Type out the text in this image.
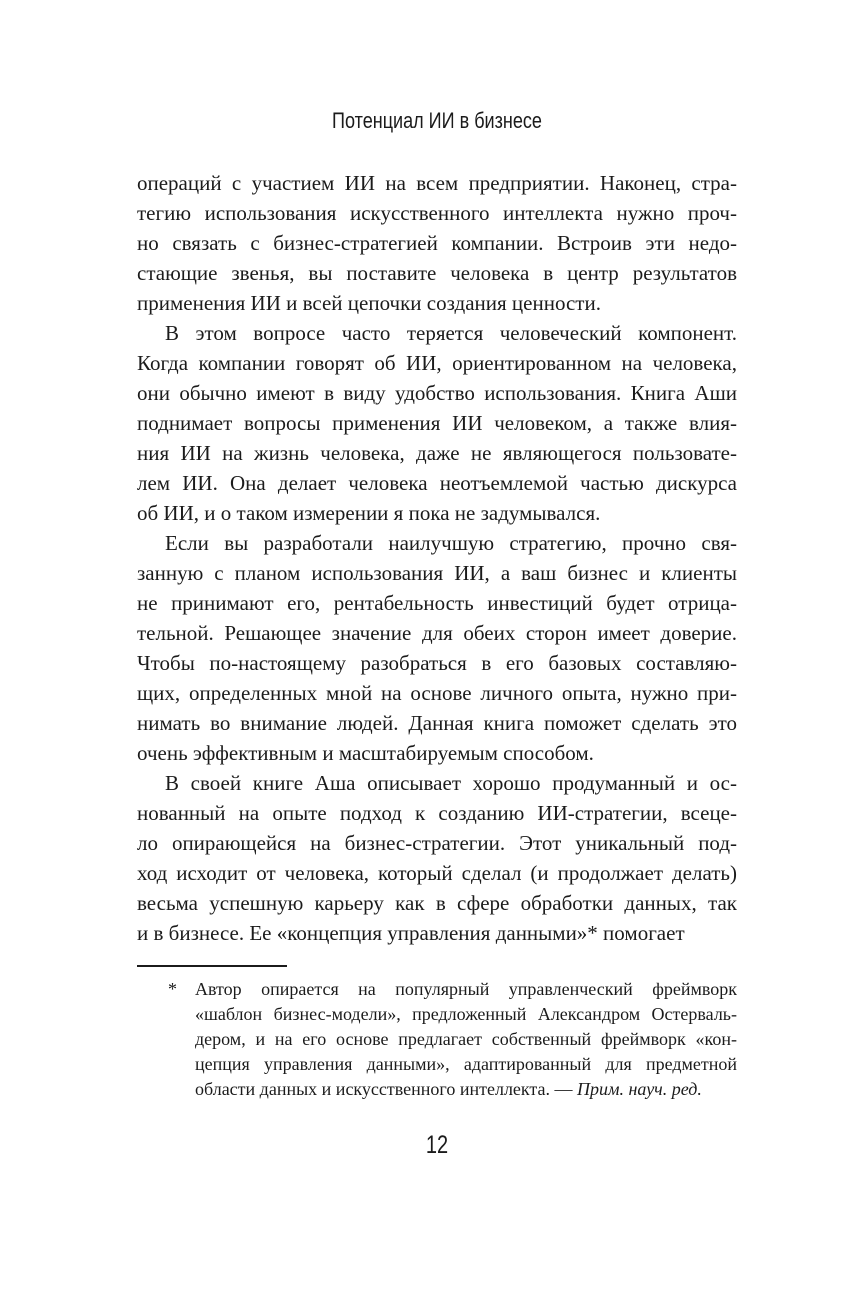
Потенциал ИИ в бизнесе
операций с участием ИИ на всем предприятии. Наконец, стра-
тегию использования искусственного интеллекта нужно проч-
но связать с бизнес-стратегией компании. Встроив эти недо-
стающие звенья, вы поставите человека в центр результатов
применения ИИ и всей цепочки создания ценности.
В этом вопросе часто теряется человеческий компонент.
Когда компании говорят об ИИ, ориентированном на человека,
они обычно имеют в виду удобство использования. Книга Аши
поднимает вопросы применения ИИ человеком, а также влия-
ния ИИ на жизнь человека, даже не являющегося пользовате-
лем ИИ. Она делает человека неотъемлемой частью дискурса
об ИИ, и о таком измерении я пока не задумывался.
Если вы разработали наилучшую стратегию, прочно свя-
занную с планом использования ИИ, а ваш бизнес и клиенты
не принимают его, рентабельность инвестиций будет отрица-
тельной. Решающее значение для обеих сторон имеет доверие.
Чтобы по-настоящему разобраться в его базовых составляю-
щих, определенных мной на основе личного опыта, нужно при-
нимать во внимание людей. Данная книга поможет сделать это
очень эффективным и масштабируемым способом.
В своей книге Аша описывает хорошо продуманный и ос-
нованный на опыте подход к созданию ИИ-стратегии, всеце-
ло опирающейся на бизнес-стратегии. Этот уникальный под-
ход исходит от человека, который сделал (и продолжает делать)
весьма успешную карьеру как в сфере обработки данных, так
и в бизнесе. Ее «концепция управления данными»* помогает
* Автор опирается на популярный управленческий фреймворк
«шаблон бизнес-модели», предложенный Александром Остерваль-
дером, и на его основе предлагает собственный фреймворк «кон-
цепция управления данными», адаптированный для предметной
области данных и искусственного интеллекта. — Прим. науч. ред.
12
